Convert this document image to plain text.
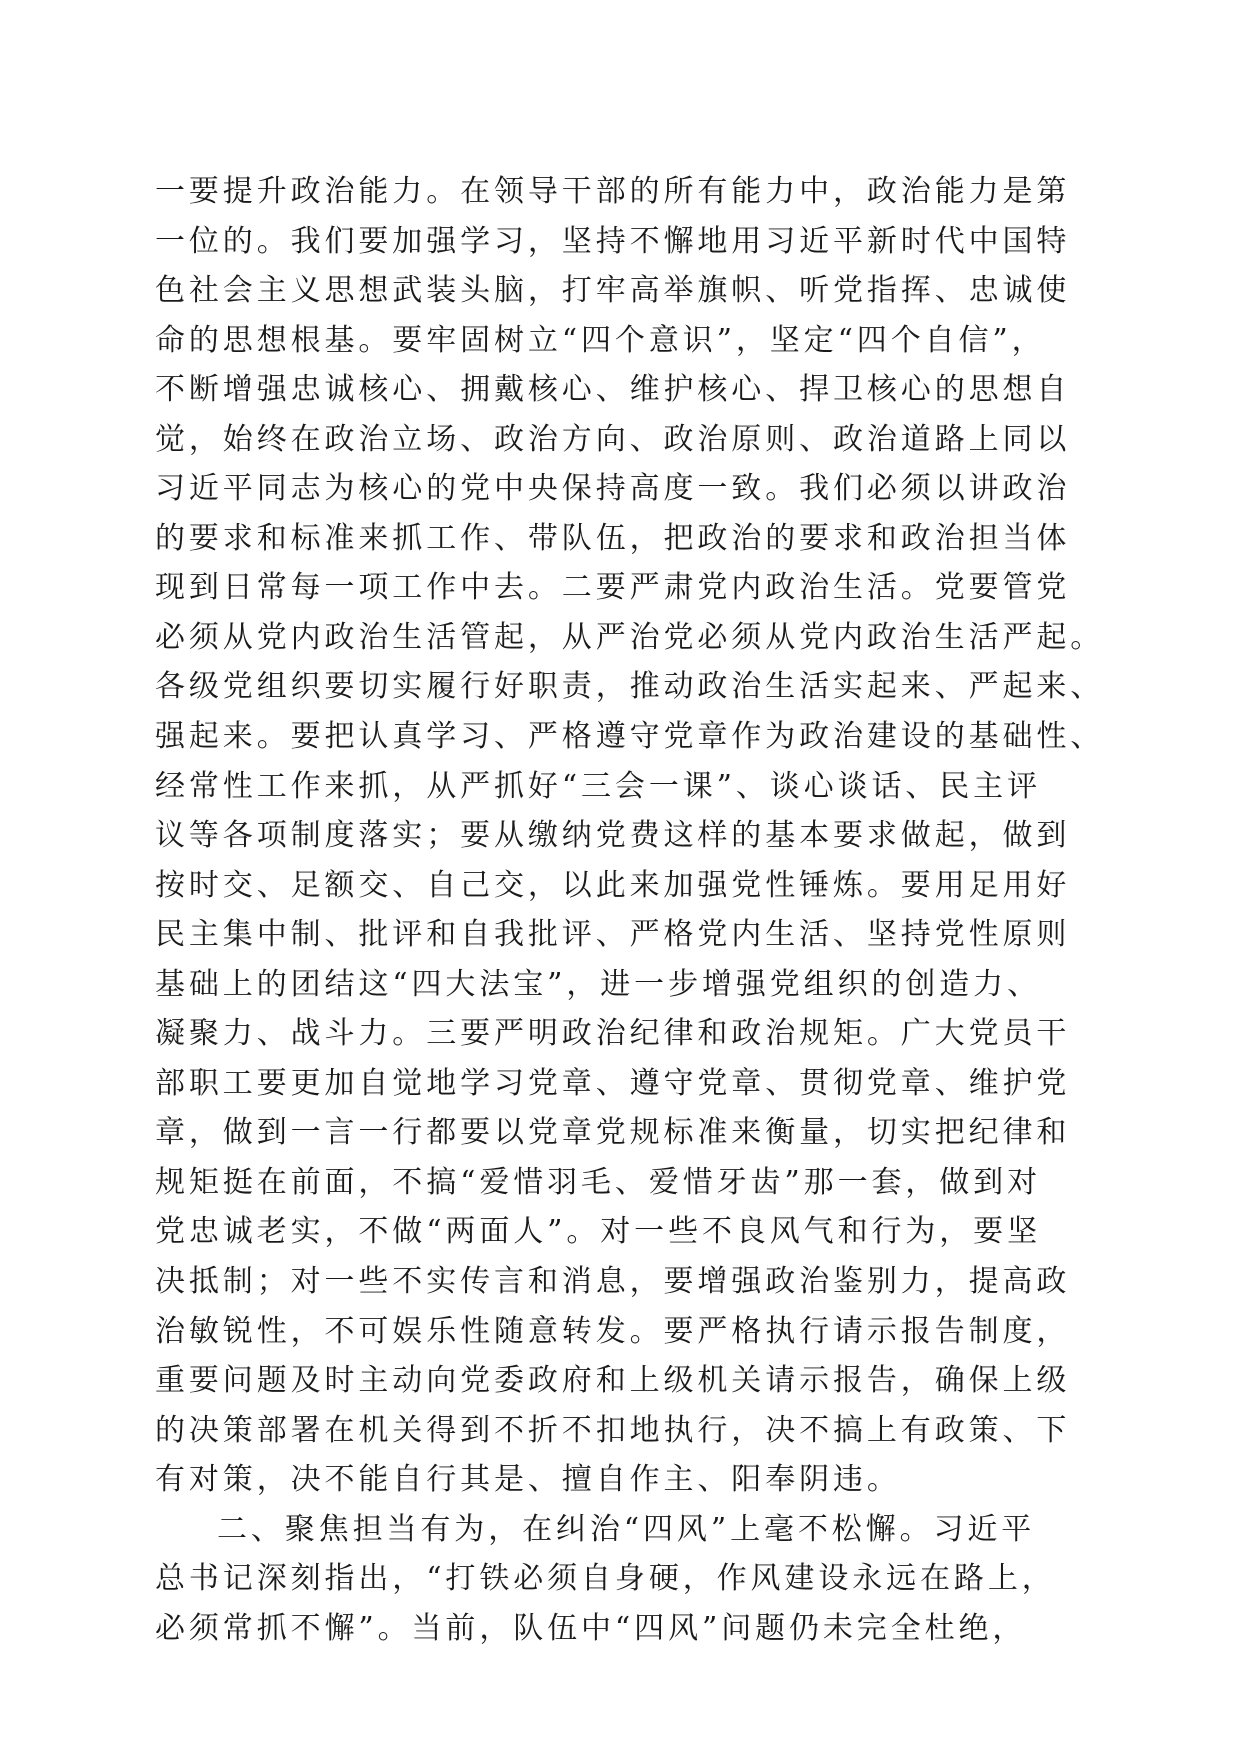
一要提升政治能力。在领导干部的所有能力中，政治能力是第
一位的。我们要加强学习，坚持不懈地用习近平新时代中国特
色社会主义思想武装头脑，打牢高举旗帜、听党指挥、忠诚使
命的思想根基。要牢固树立“四个意识”，坚定“四个自信”，
不断增强忠诚核心、拥戴核心、维护核心、捍卫核心的思想自
觉，始终在政治立场、政治方向、政治原则、政治道路上同以
习近平同志为核心的党中央保持高度一致。我们必须以讲政治
的要求和标准来抓工作、带队伍，把政治的要求和政治担当体
现到日常每一项工作中去。二要严肃党内政治生活。党要管党
必须从党内政治生活管起，从严治党必须从党内政治生活严起。
各级党组织要切实履行好职责，推动政治生活实起来、严起来、
强起来。要把认真学习、严格遵守党章作为政治建设的基础性、
经常性工作来抓，从严抓好“三会一课”、谈心谈话、民主评
议等各项制度落实；要从缴纳党费这样的基本要求做起，做到
按时交、足额交、自己交，以此来加强党性锤炼。要用足用好
民主集中制、批评和自我批评、严格党内生活、坚持党性原则
基础上的团结这“四大法宝”，进一步增强党组织的创造力、
凝聚力、战斗力。三要严明政治纪律和政治规矩。广大党员干
部职工要更加自觉地学习党章、遵守党章、贯彻党章、维护党
章，做到一言一行都要以党章党规标准来衡量，切实把纪律和
规矩挺在前面，不搞“爱惜羽毛、爱惜牙齿”那一套，做到对
党忠诚老实，不做“两面人”。对一些不良风气和行为，要坚
决抵制；对一些不实传言和消息，要增强政治鉴别力，提高政
治敏锐性，不可娱乐性随意转发。要严格执行请示报告制度，
重要问题及时主动向党委政府和上级机关请示报告，确保上级
的决策部署在机关得到不折不扣地执行，决不搞上有政策、下
有对策，决不能自行其是、擅自作主、阳奉阴违。
二、聚焦担当有为，在纠治“四风”上毫不松懈。习近平
总书记深刻指出，“打铁必须自身硬，作风建设永远在路上，
必须常抓不懈”。当前，队伍中“四风”问题仍未完全杜绝，
